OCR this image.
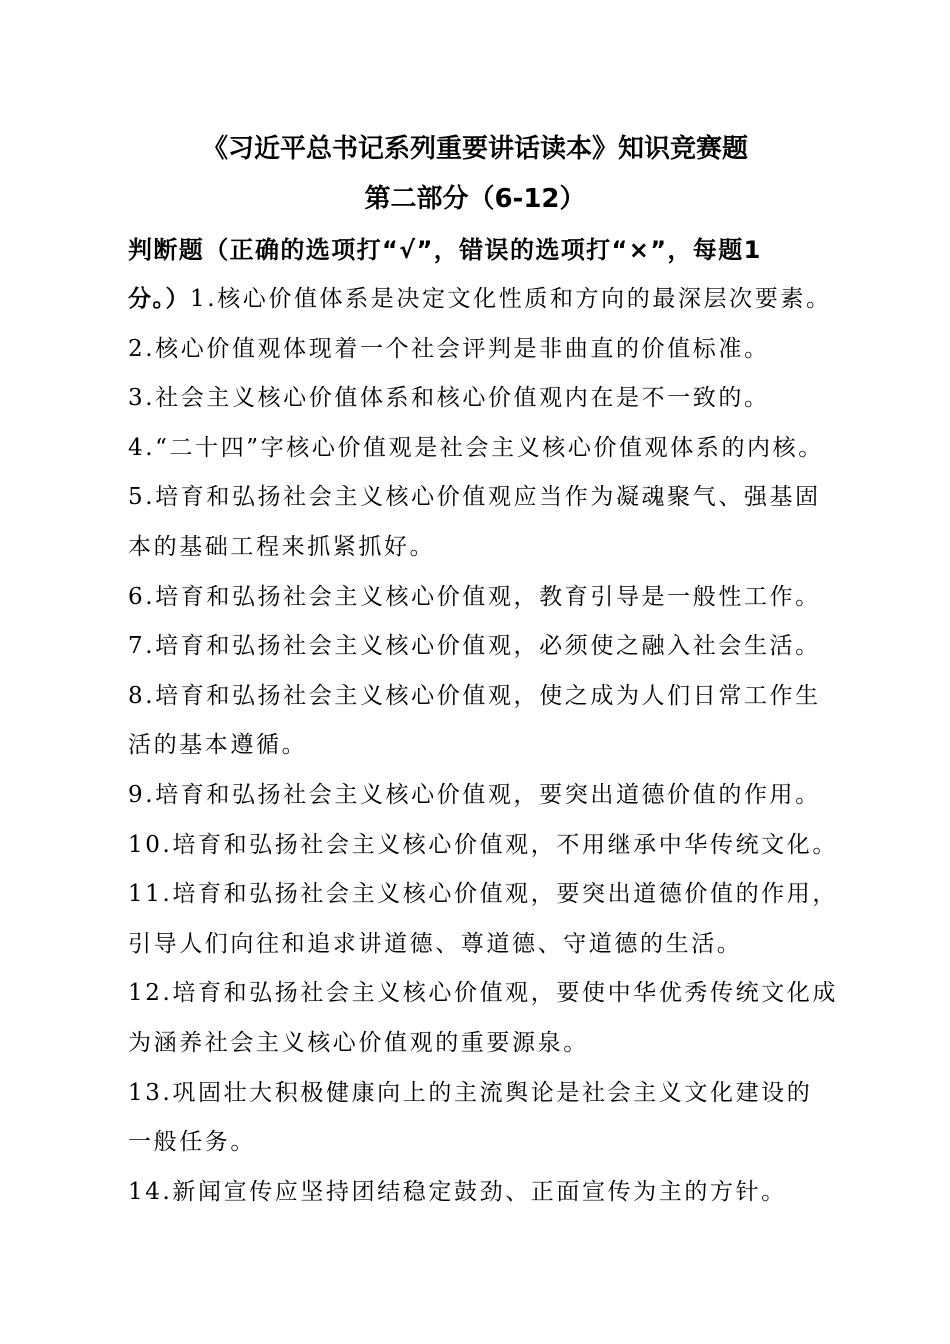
《习近平总书记系列重要讲话读本》知识竞赛题
第二部分（6-12）
判断题（正确的选项打“√”，错误的选项打“×”，每题1
分。）1.核心价值体系是决定文化性质和方向的最深层次要素。
2.核心价值观体现着一个社会评判是非曲直的价值标准。
3.社会主义核心价值体系和核心价值观内在是不一致的。
4.“二十四”字核心价值观是社会主义核心价值观体系的内核。
5.培育和弘扬社会主义核心价值观应当作为凝魂聚气、强基固
本的基础工程来抓紧抓好。
6.培育和弘扬社会主义核心价值观，教育引导是一般性工作。
7.培育和弘扬社会主义核心价值观，必须使之融入社会生活。
8.培育和弘扬社会主义核心价值观，使之成为人们日常工作生
活的基本遵循。
9.培育和弘扬社会主义核心价值观，要突出道德价值的作用。
10.培育和弘扬社会主义核心价值观，不用继承中华传统文化。
11.培育和弘扬社会主义核心价值观，要突出道德价值的作用，
引导人们向往和追求讲道德、尊道德、守道德的生活。
12.培育和弘扬社会主义核心价值观，要使中华优秀传统文化成
为涵养社会主义核心价值观的重要源泉。
13.巩固壮大积极健康向上的主流舆论是社会主义文化建设的
一般任务。
14.新闻宣传应坚持团结稳定鼓劲、正面宣传为主的方针。
